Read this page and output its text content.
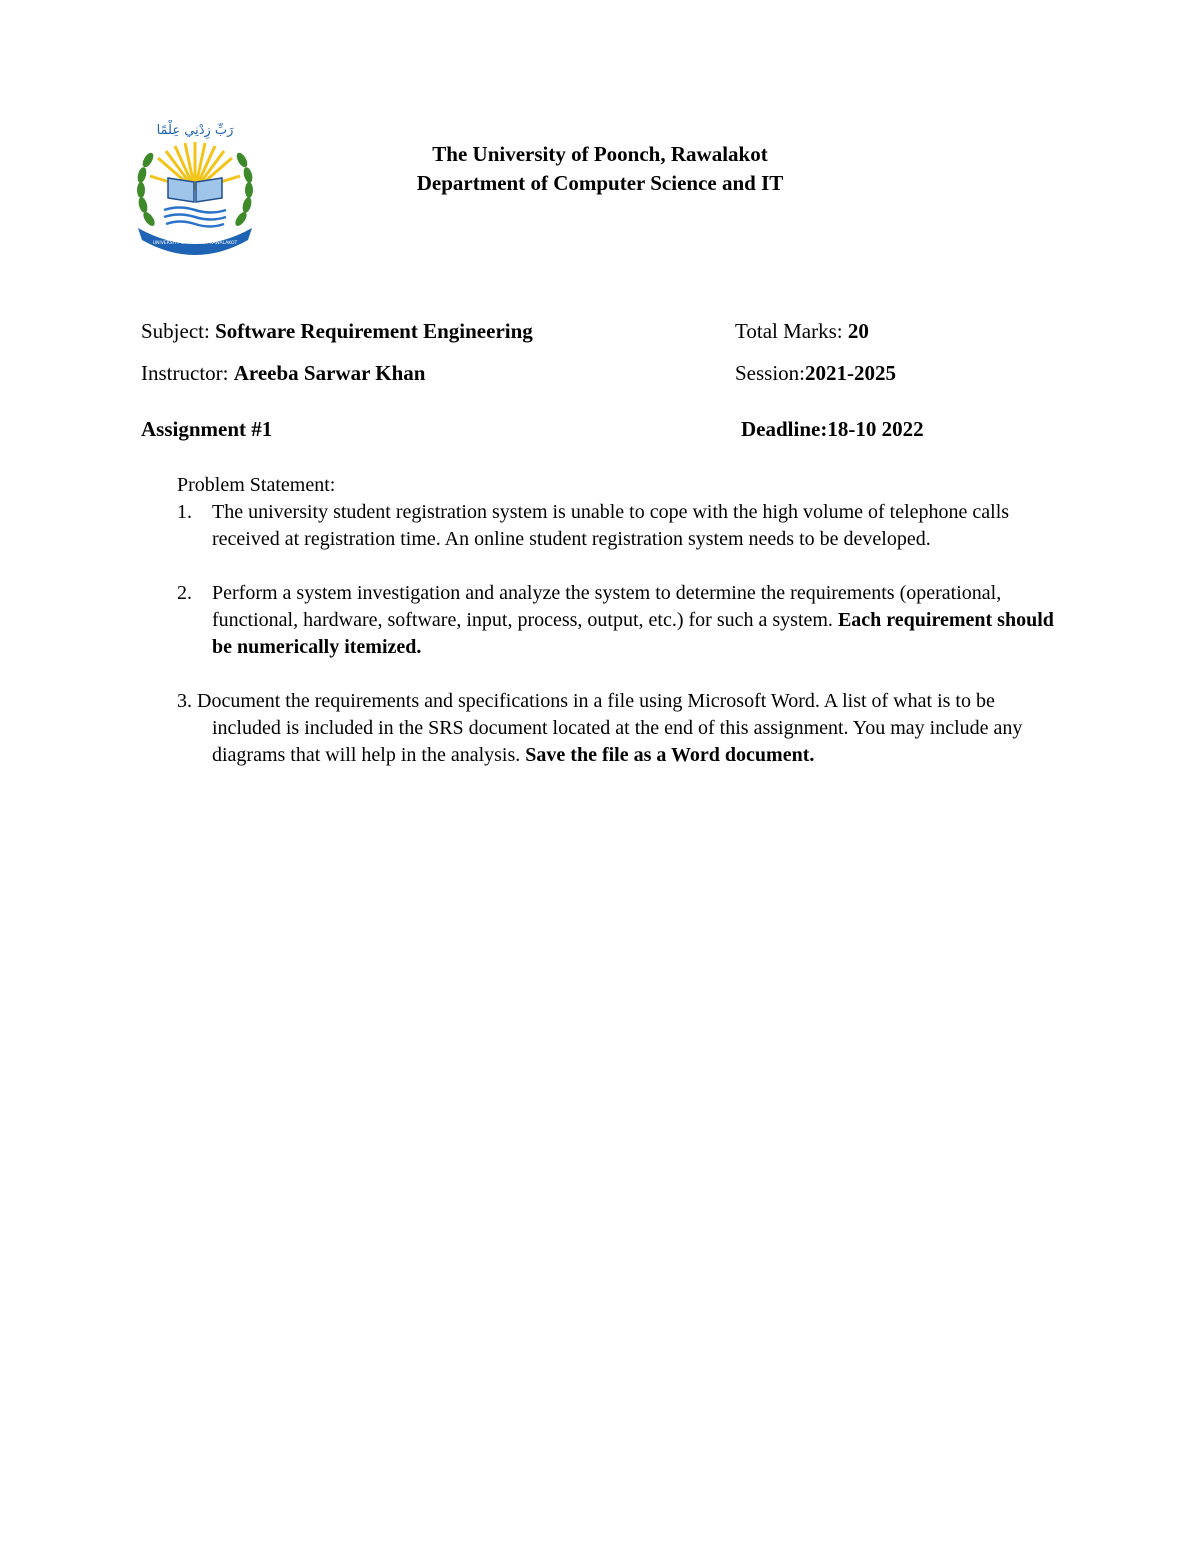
رَبِّ زِدْنِي عِلْمًا
UNIVERSITY OF POONCH RAWALAKOT
The University of Poonch, Rawalakot
Department of Computer Science and IT
Subject: Software Requirement Engineering	Total Marks: 20
Instructor: Areeba Sarwar Khan	Session:2021-2025
Assignment #1	Deadline:18-10 2022
Problem Statement:
1. The university student registration system is unable to cope with the high volume of telephone calls received at registration time. An online student registration system needs to be developed.
2. Perform a system investigation and analyze the system to determine the requirements (operational, functional, hardware, software, input, process, output, etc.) for such a system. Each requirement should be numerically itemized.
3. Document the requirements and specifications in a file using Microsoft Word. A list of what is to be included is included in the SRS document located at the end of this assignment. You may include any diagrams that will help in the analysis. Save the file as a Word document.
